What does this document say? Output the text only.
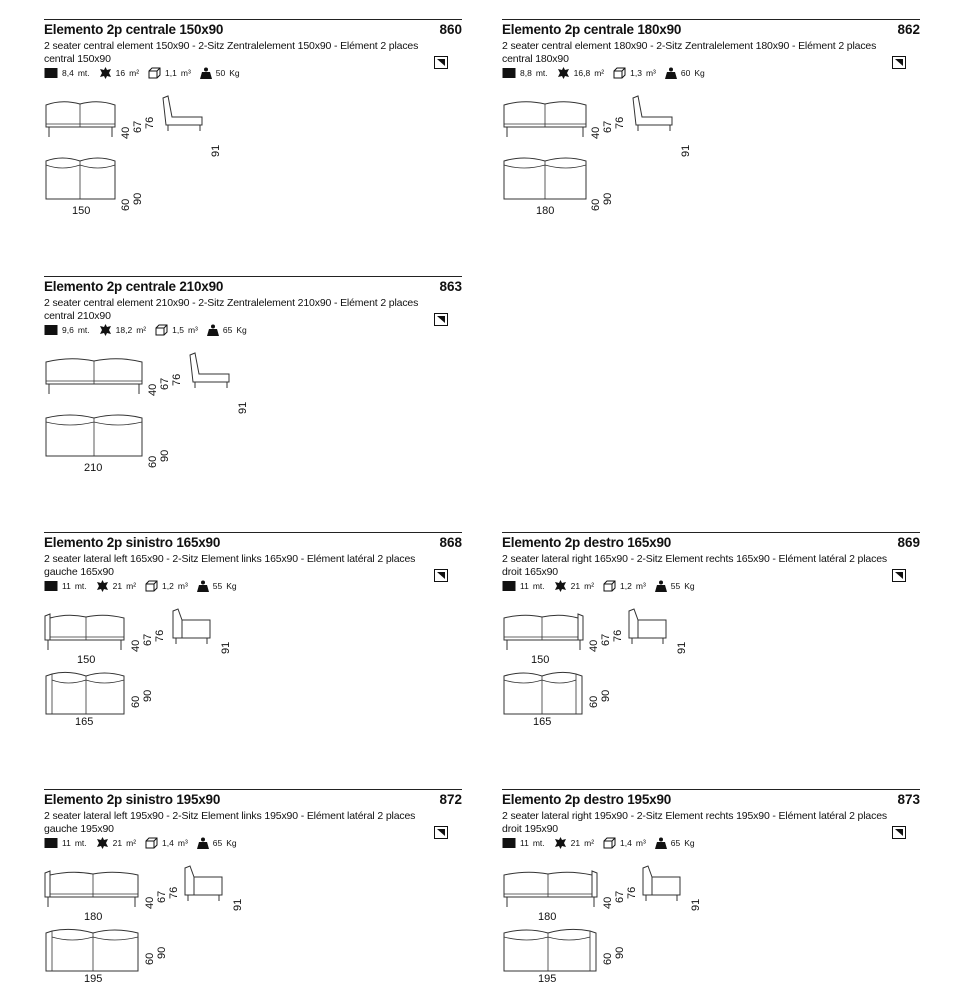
Elemento 2p centrale 150x90	860
2 seater central element 150x90 - 2-Sitz Zentralelement 150x90 - Elément 2 places central 150x90
8,4 mt.	16 m²	1,1 m³	50 Kg
40 67 76
91
60 90
150
Elemento 2p centrale 180x90	862
2 seater central element 180x90 - 2-Sitz Zentralelement 180x90 - Elément 2 places central 180x90
8,8 mt.	16,8 m²	1,3 m³	60 Kg
40 67 76
91
60 90
180
Elemento 2p centrale 210x90	863
2 seater central element 210x90 - 2-Sitz Zentralelement 210x90 - Elément 2 places central 210x90
9,6 mt.	18,2 m²	1,5 m³	65 Kg
40 67 76
91
60 90
210
Elemento 2p sinistro 165x90	868
2 seater lateral left 165x90 - 2-Sitz Element links 165x90 - Elément latéral 2 places gauche 165x90
11 mt.	21 m²	1,2 m³	55 Kg
150
40 67 76
91
60 90
165
Elemento 2p destro 165x90	869
2 seater lateral right 165x90 - 2-Sitz Element rechts 165x90 - Elément latéral 2 places droit 165x90
11 mt.	21 m²	1,2 m³	55 Kg
150
40 67 76
91
60 90
165
Elemento 2p sinistro 195x90	872
2 seater lateral left 195x90 - 2-Sitz Element links 195x90 - Elément latéral 2 places gauche 195x90
11 mt.	21 m²	1,4 m³	65 Kg
180
40 67 76
91
60 90
195
Elemento 2p destro 195x90	873
2 seater lateral right 195x90 - 2-Sitz Element rechts 195x90 - Elément latéral 2 places droit 195x90
11 mt.	21 m²	1,4 m³	65 Kg
180
40 67 76
91
60 90
195
